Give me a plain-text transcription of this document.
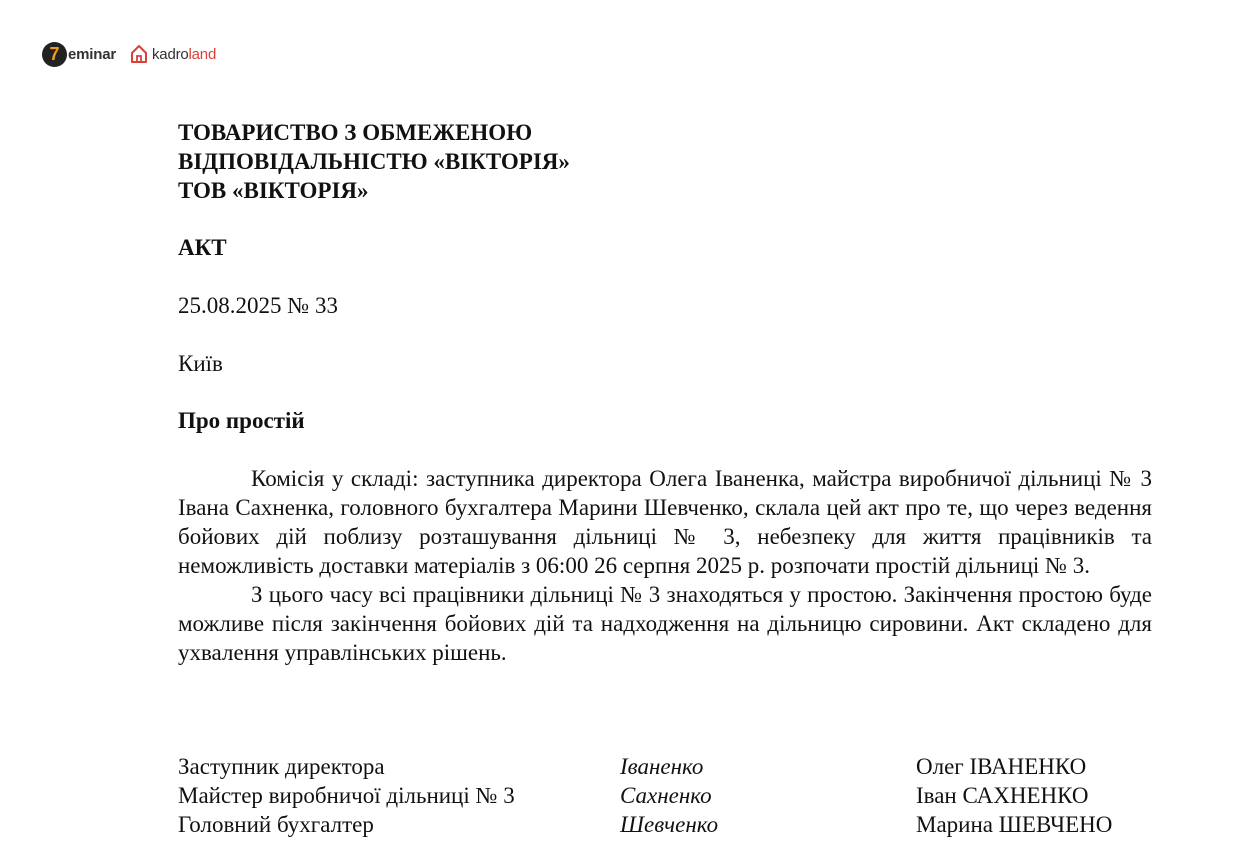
7 eminar kadroland
ТОВАРИСТВО З ОБМЕЖЕНОЮ
ВІДПОВІДАЛЬНІСТЮ «ВІКТОРІЯ»
ТОВ «ВІКТОРІЯ»
АКТ
25.08.2025 № 33
Київ
Про простій

Комісія у складі: заступника директора Олега Іваненка, майстра виробничої дільниці № 3 Івана Сахненка, головного бухгалтера Марини Шевченко, склала цей акт про те, що через ведення бойових дій поблизу розташування дільниці № 3, небезпеку для життя працівників та неможливість доставки матеріалів з 06:00 26 серпня 2025 р. розпочати простій дільниці № 3.

З цього часу всі працівники дільниці № 3 знаходяться у простою. Закінчення простою буде можливе після закінчення бойових дій та надходження на дільницю сировини. Акт складено для ухвалення управлінських рішень.

Заступник директора	Іваненко	Олег ІВАНЕНКО
Майстер виробничої дільниці № 3	Сахненко	Іван САХНЕНКО
Головний бухгалтер	Шевченко	Марина ШЕВЧЕНО
